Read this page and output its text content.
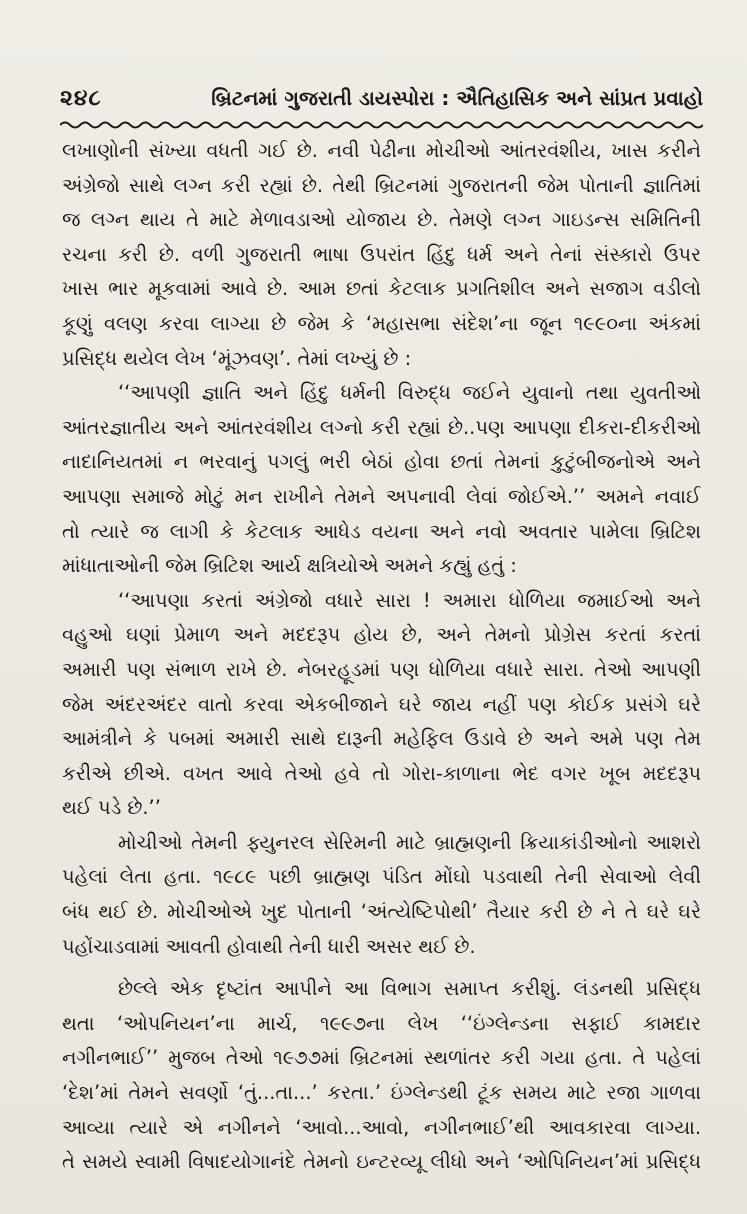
૨૪૮	બ્રિટનમાં ગુજરાતી ડાયસ્પોરા : ઐતિહાસિક અને સાંપ્રત પ્રવાહો

લખાણોની સંખ્યા વધતી ગઈ છે. નવી પેઢીના મોચીઓ આંતરવંશીય, ખાસ કરીને
અંગ્રેજો સાથે લગ્ન કરી રહ્યાં છે. તેથી બ્રિટનમાં ગુજરાતની જેમ પોતાની જ્ઞાતિમાં
જ લગ્ન થાય તે માટે મેળાવડાઓ યોજાય છે. તેમણે લગ્ન ગાઇડન્સ સમિતિની
રચના કરી છે. વળી ગુજરાતી ભાષા ઉપરાંત હિંદુ ધર્મ અને તેનાં સંસ્કારો ઉપર
ખાસ ભાર મૂકવામાં આવે છે. આમ છતાં કેટલાક પ્રગતિશીલ અને સજાગ વડીલો
કૂણું વલણ કરવા લાગ્યા છે જેમ કે ‘મહાસભા સંદેશ’ના જૂન ૧૯૯૦ના અંકમાં
પ્રસિદ્ધ થયેલ લેખ ‘મૂંઝવણ’. તેમાં લખ્યું છે :

‘‘આપણી જ્ઞાતિ અને હિંદુ ધર્મની વિરુદ્ધ જઈને યુવાનો તથા યુવતીઓ
આંતરજ્ઞાતીય અને આંતરવંશીય લગ્નો કરી રહ્યાં છે..પણ આપણા દીકરા-દીકરીઓ
નાદાનિયતમાં ન ભરવાનું પગલું ભરી બેઠાં હોવા છતાં તેમનાં કુટુંબીજનોએ અને
આપણા સમાજે મોટું મન રાખીને તેમને અપનાવી લેવાં જોઈએ.’’ અમને નવાઈ
તો ત્યારે જ લાગી કે કેટલાક આધેડ વયના અને નવો અવતાર પામેલા બ્રિટિશ
માંધાતાઓની જેમ બ્રિટિશ આર્ય ક્ષત્રિયોએ અમને કહ્યું હતું :

‘‘આપણા કરતાં અંગ્રેજો વધારે સારા ! અમારા ધોળિયા જમાઈઓ અને
વહુઓ ઘણાં પ્રેમાળ અને મદદરૂપ હોય છે, અને તેમનો પ્રોગ્રેસ કરતાં કરતાં
અમારી પણ સંભાળ રાખે છે. નેબરહૂડમાં પણ ધોળિયા વધારે સારા. તેઓ આપણી
જેમ અંદરઅંદર વાતો કરવા એકબીજાને ઘરે જાય નહીં પણ કોઈક પ્રસંગે ઘરે
આમંત્રીને કે પબમાં અમારી સાથે દારૂની મહેફિલ ઉડાવે છે અને અમે પણ તેમ
કરીએ છીએ. વખત આવે તેઓ હવે તો ગોરા-કાળાના ભેદ વગર ખૂબ મદદરૂપ
થઈ પડે છે.’’

મોચીઓ તેમની ફ્યુનરલ સેરિમની માટે બ્રાહ્મણની ક્રિયાકાંડીઓનો આશરો
પહેલાં લેતા હતા. ૧૯૮૯ પછી બ્રાહ્મણ પંડિત મોંઘો પડવાથી તેની સેવાઓ લેવી
બંધ થઈ છે. મોચીઓએ ખુદ પોતાની ‘અંત્યેષ્ટિપોથી’ તૈયાર કરી છે ને તે ઘરે ઘરે
પહોંચાડવામાં આવતી હોવાથી તેની ધારી અસર થઈ છે.

છેલ્લે એક દૃષ્ટાંત આપીને આ વિભાગ સમાપ્ત કરીશું. લંડનથી પ્રસિદ્ધ
થતા ‘ઓપનિયન’ના માર્ચ, ૧૯૯૭ના લેખ ‘‘ઇંગ્લેન્ડના સફાઈ કામદાર
નગીનભાઈ’’ મુજબ તેઓ ૧૯૭૭માં બ્રિટનમાં સ્થળાંતર કરી ગયા હતા. તે પહેલાં
‘દેશ’માં તેમને સવર્ણો ‘તું...તા...’ કરતા.’ ઇંગ્લેન્ડથી ટૂંક સમય માટે રજા ગાળવા
આવ્યા ત્યારે એ નગીનને ‘આવો...આવો, નગીનભાઈ’થી આવકારવા લાગ્યા.
તે સમયે સ્વામી વિષાદયોગાનંદે તેમનો ઇન્ટરવ્યૂ લીધો અને ‘ઓપિનિયન’માં પ્રસિદ્ધ
